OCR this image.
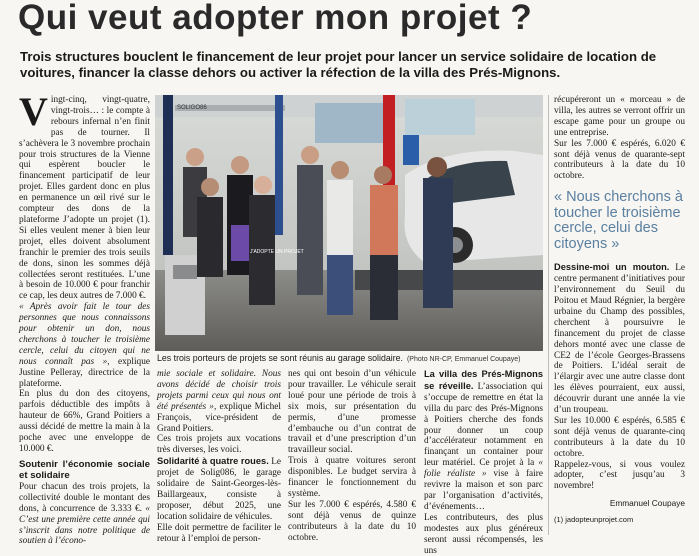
Qui veut adopter mon projet ?
Trois structures bouclent le financement de leur projet pour lancer un service solidaire de location de voitures, financer la classe dehors ou activer la réfection de la villa des Prés-Mignons.

Vingt-cinq, vingt-quatre, vingt-trois… : le compte à rebours infernal n’en finit pas de tourner. Il s’achèvera le 3 novembre prochain pour trois structures de la Vienne qui espèrent boucler le financement participatif de leur projet. Elles gardent donc en plus en permanence un œil rivé sur le compteur des dons de la plateforme J’adopte un projet (1). Si elles veulent mener à bien leur projet, elles doivent absolument franchir le premier des trois seuils de dons, sinon les sommes déjà collectées seront restituées. L’une à besoin de 10.000 € pour franchir ce cap, les deux autres de 7.000 €.

« Après avoir fait le tour des personnes que nous connaissons pour obtenir un don, nous cherchons à toucher le troisième cercle, celui du citoyen qui ne nous connaît pas », explique Justine Pelleray, directrice de la plateforme.

En plus du don des citoyens, parfois déductible des impôts à hauteur de 66%, Grand Poitiers a aussi décidé de mettre la main à la poche avec une enveloppe de 10.000 €.

Soutenir l’économie sociale et solidaire

Pour chacun des trois projets, la collectivité double le montant des dons, à concurrence de 3.333 €. « C’est une première cette année qui s’inscrit dans notre politique de soutien à l’écono-

J'ADOPTE UN PROJET
SOLIGO86
Les trois porteurs de projets se sont réunis au garage solidaire. (Photo NR-CP, Emmanuel Coupaye)

mie sociale et solidaire. Nous avons décidé de choisir trois projets parmi ceux qui nous ont été présentés », explique Michel François, vice-président de Grand Poitiers.

Ces trois projets aux vocations très diverses, les voici.

Solidarité à quatre roues. Le projet de Solig086, le garage solidaire de Saint-Georges-lès-Baillargeaux, consiste à proposer, début 2025, une location solidaire de véhicules.

Elle doit permettre de faciliter le retour à l’emploi de person-

nes qui ont besoin d’un véhicule pour travailler. Le véhicule serait loué pour une période de trois à six mois, sur présentation du permis, d’une promesse d’embauche ou d’un contrat de travail et d’une prescription d’un travailleur social.

Trois à quatre voitures seront disponibles. Le budget servira à financer le fonctionnement du système.

Sur les 7.000 € espérés, 4.580 € sont déjà venus de quinze contributeurs à la date du 10 octobre.

La villa des Prés-Mignons se réveille. L’association qui s’occupe de remettre en état la villa du parc des Prés-Mignons à Poitiers cherche des fonds pour donner un coup d’accélérateur notamment en finançant un container pour leur matériel. Ce projet à la « folie réaliste » vise à faire revivre la maison et son parc par l’organisation d’activités, d’événements…

Les contributeurs, des plus modestes aux plus généreux seront aussi récompensés, les uns

récupéreront un « morceau » de villa, les autres se verront offrir un escape game pour un groupe ou une entreprise.

Sur les 7.000 € espérés, 6.020 € sont déjà venus de quarante-sept contributeurs à la date du 10 octobre.

« Nous cherchons à toucher le troisième cercle, celui des citoyens »

Dessine-moi un mouton. Le centre permanent d’initiatives pour l’environnement du Seuil du Poitou et Maud Régnier, la bergère urbaine du Champ des possibles, cherchent à poursuivre le financement du projet de classe dehors monté avec une classe de CE2 de l’école Georges-Brassens de Poitiers. L’idéal serait de l’élargir avec une autre classe dont les élèves pourraient, eux aussi, découvrir durant une année la vie d’un troupeau.

Sur les 10.000 € espérés, 6.585 € sont déjà venus de quarante-cinq contributeurs à la date du 10 octobre.

Rappelez-vous, si vous voulez adopter, c’est jusqu’au 3 novembre!

Emmanuel Coupaye
(1) jadopteunprojet.com
